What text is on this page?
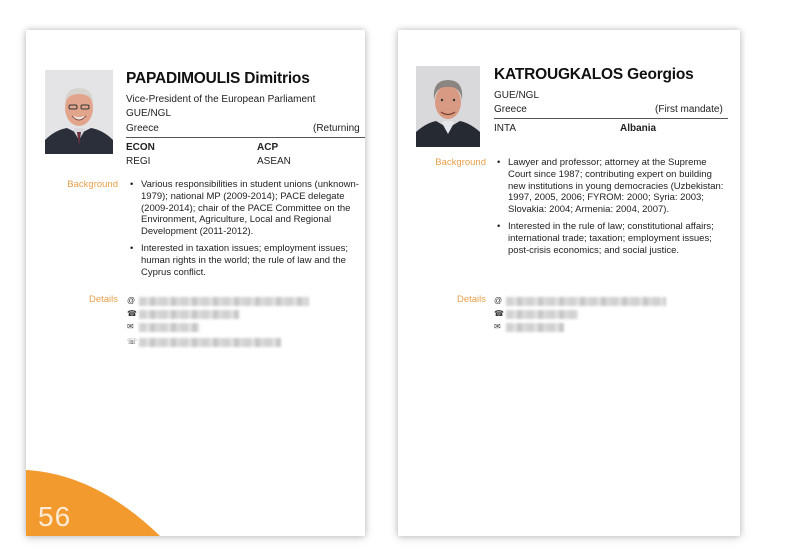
PAPADIMOULIS Dimitrios
Vice-President of the European Parliament
GUE/NGL
Greece	(Returning
ECON	ACP
REGI	ASEAN
Background	• Various responsibilities in student unions (unknown-1979); national MP (2009-2014); PACE delegate (2009-2014); chair of the PACE Committee on the Environment, Agriculture, Local and Regional Development (2011-2012).
• Interested in taxation issues; employment issues; human rights in the world; the rule of law and the Cyprus conflict.
Details @
☎
✉
☏
56
KATROUGKALOS Georgios
GUE/NGL
Greece	(First mandate)
INTA	Albania
Background	• Lawyer and professor; attorney at the Supreme Court since 1987; contributing expert on building new institutions in young democracies (Uzbekistan: 1997, 2005, 2006; FYROM: 2000; Syria: 2003; Slovakia: 2004; Armenia: 2004, 2007).
• Interested in the rule of law; constitutional affairs; international trade; taxation; employment issues; post-crisis economics; and social justice.
Details @
☎
✉
